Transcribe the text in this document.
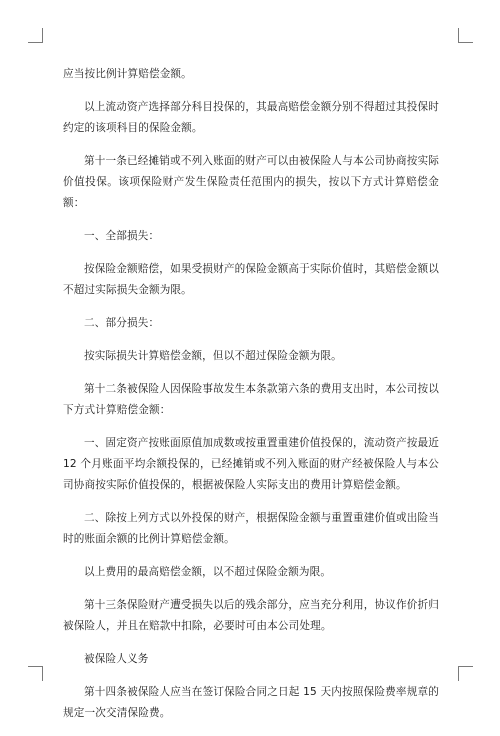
应当按比例计算赔偿金额。

以上流动资产选择部分科目投保的，其最高赔偿金额分别不得超过其投保时约定的该项科目的保险金额。

第十一条已经摊销或不列入账面的财产可以由被保险人与本公司协商按实际价值投保。该项保险财产发生保险责任范围内的损失，按以下方式计算赔偿金额：

一、全部损失：

按保险金额赔偿，如果受损财产的保险金额高于实际价值时，其赔偿金额以不超过实际损失金额为限。

二、部分损失：

按实际损失计算赔偿金额，但以不超过保险金额为限。

第十二条被保险人因保险事故发生本条款第六条的费用支出时，本公司按以下方式计算赔偿金额：

一、固定资产按账面原值加成数或按重置重建价值投保的，流动资产按最近 12 个月账面平均余额投保的，已经摊销或不列入账面的财产经被保险人与本公司协商按实际价值投保的，根据被保险人实际支出的费用计算赔偿金额。

二、除按上列方式以外投保的财产，根据保险金额与重置重建价值或出险当时的账面余额的比例计算赔偿金额。

以上费用的最高赔偿金额，以不超过保险金额为限。

第十三条保险财产遭受损失以后的残余部分，应当充分利用，协议作价折归被保险人，并且在赔款中扣除，必要时可由本公司处理。

被保险人义务

第十四条被保险人应当在签订保险合同之日起 15 天内按照保险费率规章的规定一次交清保险费。
